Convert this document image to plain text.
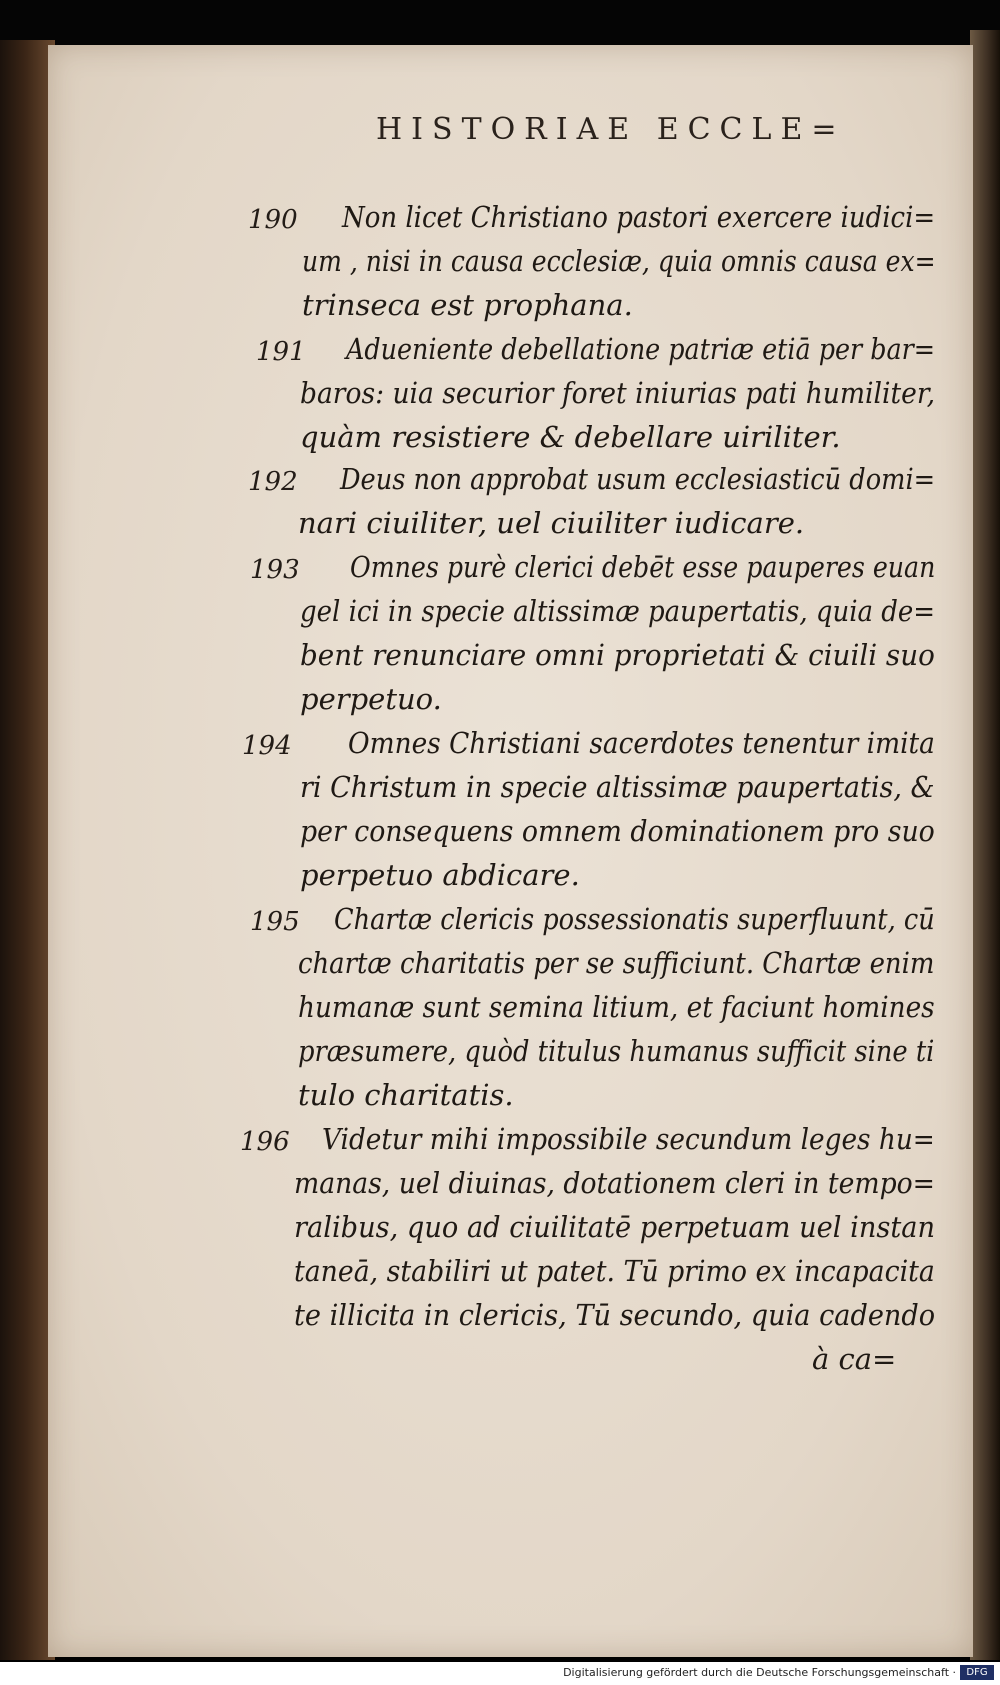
HISTORIAE ECCLE=
190 Non licet Christiano pastori exercere iudici=
um , nisi in causa ecclesiæ, quia omnis causa ex=
trinseca est prophana.
191 Adueniente debellatione patriæ etiā per bar=
baros: uia securior foret iniurias pati humiliter,
quàm resistiere & debellare uiriliter.
192 Deus non approbat usum ecclesiasticū domi=
nari ciuiliter, uel ciuiliter iudicare.
193 Omnes purè clerici debēt esse pauperes euan
gel ici in specie altissimæ paupertatis, quia de=
bent renunciare omni proprietati & ciuili suo
perpetuo.
194 Omnes Christiani sacerdotes tenentur imita
ri Christum in specie altissimæ paupertatis, &
per consequens omnem dominationem pro suo
perpetuo abdicare.
195 Chartæ clericis possessionatis superfluunt, cū
chartæ charitatis per se sufficiunt. Chartæ enim
humanæ sunt semina litium, et faciunt homines
præsumere, quòd titulus humanus sufficit sine ti
tulo charitatis.
196 Videtur mihi impossibile secundum leges hu=
manas, uel diuinas, dotationem cleri in tempo=
ralibus, quo ad ciuilitatē perpetuam uel instan
taneā, stabiliri ut patet. Tū primo ex incapacita
te illicita in clericis, Tū secundo, quia cadendo
à ca=
Digitalisierung gefördert durch die Deutsche Forschungsgemeinschaft ·	DFG
